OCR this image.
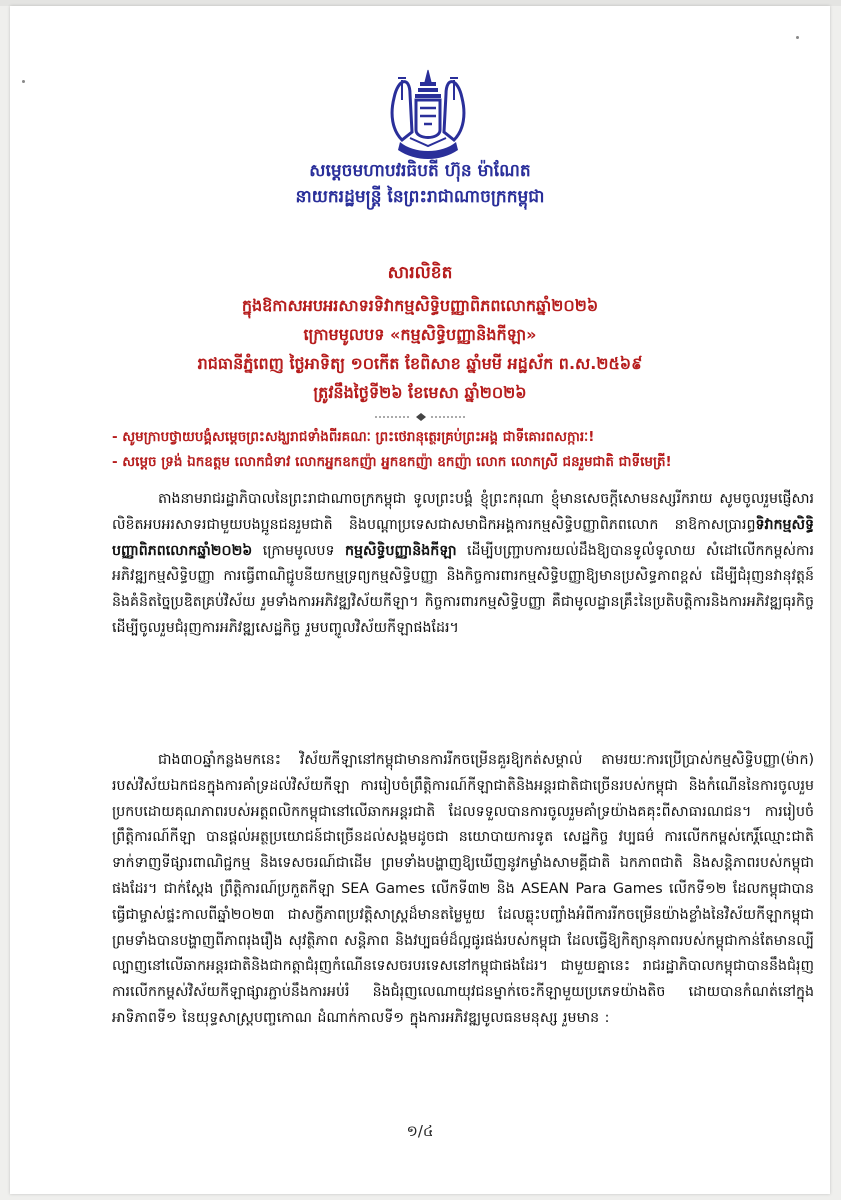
សម្ដេចមហាបវរធិបតី ហ៊ុន ម៉ាណែត
នាយករដ្ឋមន្ត្រី នៃព្រះរាជាណាចក្រកម្ពុជា
សារលិខិត
ក្នុងឱកាសអបអរសាទរទិវាកម្មសិទ្ធិបញ្ញាពិភពលោកឆ្នាំ២០២៦
ក្រោមមូលបទ «កម្មសិទ្ធិបញ្ញានិងកីឡា»
រាជធានីភ្នំពេញ ថ្ងៃអាទិត្យ ១០កើត ខែពិសាខ ឆ្នាំមមី អដ្ឋស័ក ព.ស.២៥៦៩
ត្រូវនឹងថ្ងៃទី២៦ ខែមេសា ឆ្នាំ២០២៦
- សូមក្រាបថ្វាយបង្គំសម្ដេចព្រះសង្ឃរាជទាំងពីរគណៈ ព្រះថេរានុត្ថេរគ្រប់ព្រះអង្គ ជាទីគោរពសក្ការៈ!
- សម្ដេច ទ្រង់ ឯកឧត្តម លោកជំទាវ លោកអ្នកឧកញ៉ា អ្នកឧកញ៉ា ឧកញ៉ា លោក លោកស្រី ជនរួមជាតិ ជាទីមេត្រី!

តាងនាមរាជរដ្ឋាភិបាលនៃព្រះរាជាណាចក្រកម្ពុជា ទូលព្រះបង្គំ ខ្ញុំព្រះករុណា ខ្ញុំមានសេចក្ដីសោមនស្សរីករាយ សូមចូលរួមផ្ញើសារលិខិតអបអរសាទរជាមួយបងប្អូនជនរួមជាតិ និងបណ្ដាប្រទេសជាសមាជិកអង្គការកម្មសិទ្ធិបញ្ញាពិភពលោក នាឱកាសប្រារព្ធទិវាកម្មសិទ្ធិបញ្ញាពិភពលោកឆ្នាំ២០២៦ ក្រោមមូលបទ កម្មសិទ្ធិបញ្ញានិងកីឡា ដើម្បីបញ្ជ្រាបការយល់ដឹងឱ្យបានទូលំទូលាយ សំដៅលើកកម្ពស់ការអភិវឌ្ឍកម្មសិទ្ធិបញ្ញា ការធ្វើពាណិជ្ជូបនីយកម្មទ្រព្យកម្មសិទ្ធិបញ្ញា និងកិច្ចការពារកម្មសិទ្ធិបញ្ញាឱ្យមានប្រសិទ្ធភាពខ្ពស់ ដើម្បីជំរុញនវានុវត្តន៍ និងគំនិតច្នៃប្រឌិតគ្រប់វិស័យ រួមទាំងការអភិវឌ្ឍវិស័យកីឡា។ កិច្ចការពារកម្មសិទ្ធិបញ្ញា គឺជាមូលដ្ឋានគ្រឹះនៃប្រតិបត្តិការនិងការអភិវឌ្ឍធុរកិច្ច ដើម្បីចូលរួមជំរុញការអភិវឌ្ឍសេដ្ឋកិច្ច រួមបញ្ចូលវិស័យកីឡាផងដែរ។

ជាង៣០ឆ្នាំកន្លងមកនេះ វិស័យកីឡានៅកម្ពុជាមានការរីកចម្រើនគួរឱ្យកត់សម្គាល់ តាមរយៈការប្រើប្រាស់កម្មសិទ្ធិបញ្ញា(ម៉ាក) របស់វិស័យឯកជនក្នុងការគាំទ្រដល់វិស័យកីឡា ការរៀបចំព្រឹត្តិការណ៍កីឡាជាតិនិងអន្តរជាតិជាច្រើនរបស់កម្ពុជា និងកំណើននៃការចូលរួមប្រកបដោយគុណភាពរបស់អត្តពលិកកម្ពុជានៅលើឆាកអន្តរជាតិ ដែលទទួលបានការចូលរួមគាំទ្រយ៉ាងគគុះពីសាធារណជន។ ការរៀបចំព្រឹត្តិការណ៍កីឡា បានផ្ដល់អត្ថប្រយោជន៍ជាច្រើនដល់សង្គមដូចជា នយោបាយការទូត សេដ្ឋកិច្ច វប្បធម៌ ការលើកកម្ពស់កេរ្តិ៍ឈ្មោះជាតិ ទាក់ទាញទីផ្សារពាណិជ្ជកម្ម និងទេសចរណ៍ជាដើម ព្រមទាំងបង្ហាញឱ្យឃើញនូវកម្លាំងសាមគ្គីជាតិ ឯកភាពជាតិ និងសន្តិភាពរបស់កម្ពុជាផងដែរ។ ជាក់ស្ដែង ព្រឹត្តិការណ៍ប្រកួតកីឡា SEA Games លើកទី៣២ និង ASEAN Para Games លើកទី១២ ដែលកម្ពុជាបានធ្វើជាម្ចាស់ផ្ទះកាលពីឆ្នាំ២០២៣ ជាសក្ខីភាពប្រវត្តិសាស្ត្រដ៏មានតម្លៃមួយ ដែលឆ្លុះបញ្ចាំងអំពីការរីកចម្រើនយ៉ាងខ្លាំងនៃវិស័យកីឡាកម្ពុជា ព្រមទាំងបានបង្ហាញពីភាពរុងរឿង សុវត្ថិភាព សន្តិភាព និងវប្បធម៌ដ៏ល្អផូរផង់របស់កម្ពុជា ដែលធ្វើឱ្យកិត្យានុភាពរបស់កម្ពុជាកាន់តែមានល្បីល្បាញនៅលើឆាកអន្តរជាតិនិងជាកត្តាជំរុញកំណើនទេសចរបរទេសនៅកម្ពុជាផងដែរ។ ជាមួយគ្នានេះ រាជរដ្ឋាភិបាលកម្ពុជាបាននឹងជំរុញការលើកកម្ពស់វិស័យកីឡាផ្សារភ្ជាប់នឹងការអប់រំ និងជំរុញលេណាយុវជនម្នាក់ចេះកីឡាមួយប្រភេទយ៉ាងតិច ដោយបានកំណត់នៅក្នុងអាទិភាពទី១ នៃយុទ្ធសាស្ត្របញ្ចកោណ ដំណាក់កាលទី១ ក្នុងការអភិវឌ្ឍមូលធនមនុស្ស រួមមាន :

១/៤
